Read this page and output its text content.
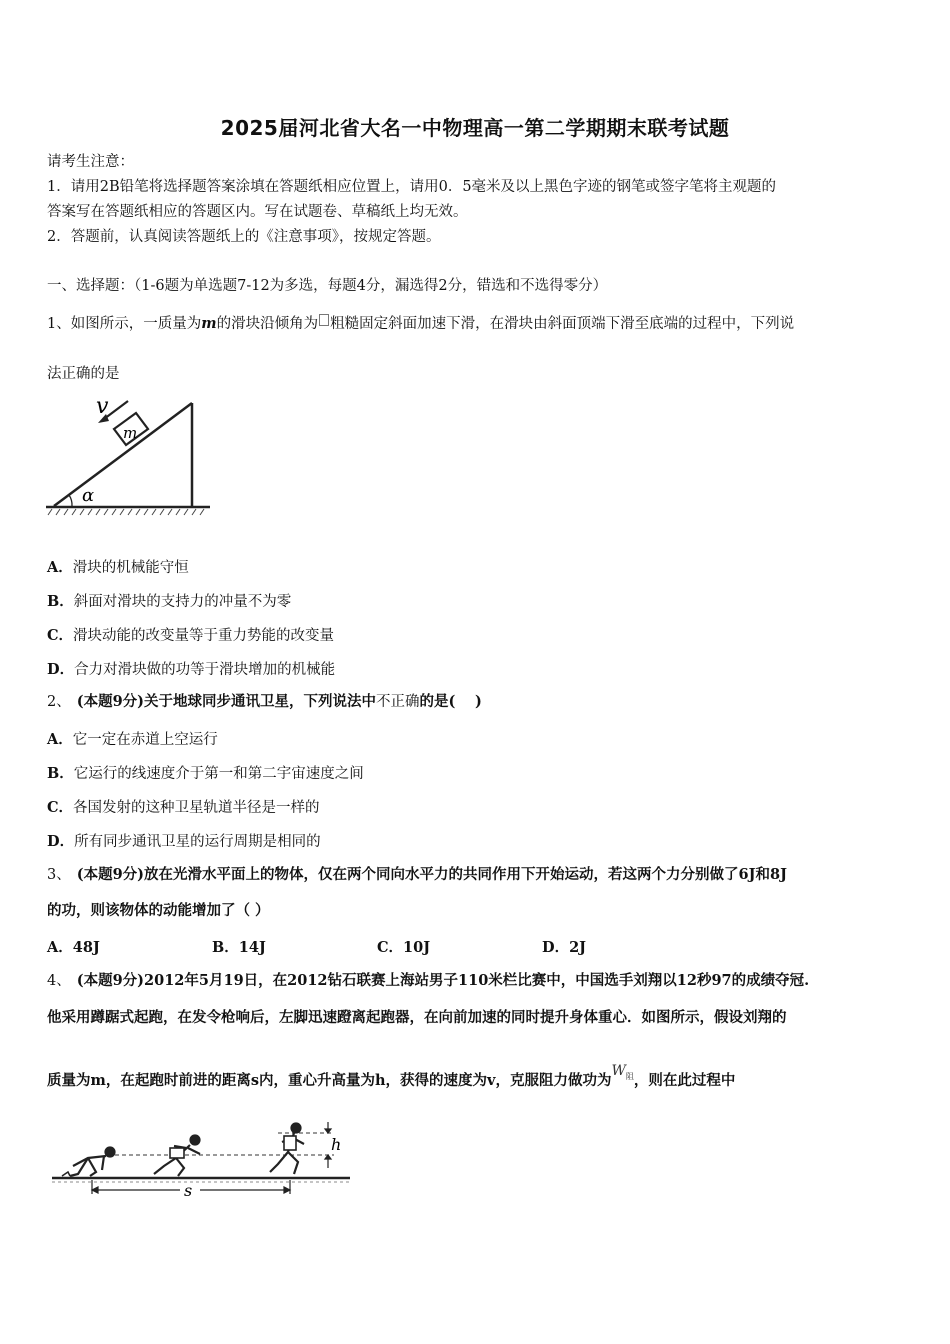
2025届河北省大名一中物理高一第二学期期末联考试题
请考生注意：
1．请用2B铅笔将选择题答案涂填在答题纸相应位置上，请用0．5毫米及以上黑色字迹的钢笔或签字笔将主观题的
答案写在答题纸相应的答题区内。写在试题卷、草稿纸上均无效。
2．答题前，认真阅读答题纸上的《注意事项》，按规定答题。
一、选择题：（1-6题为单选题7-12为多选，每题4分，漏选得2分，错选和不选得零分）
1、如图所示，一质量为m的滑块沿倾角为 粗糙固定斜面加速下滑，在滑块由斜面顶端下滑至底端的过程中，下列说
法正确的是
m
v
α
A．滑块的机械能守恒
B．斜面对滑块的支持力的冲量不为零
C．滑块动能的改变量等于重力势能的改变量
D．合力对滑块做的功等于滑块增加的机械能
2、 (本题9分)关于地球同步通讯卫星，下列说法中不正确的是(　 )
A．它一定在赤道上空运行
B．它运行的线速度介于第一和第二宇宙速度之间
C．各国发射的这种卫星轨道半径是一样的
D．所有同步通讯卫星的运行周期是相同的
3、 (本题9分)放在光滑水平面上的物体，仅在两个同向水平力的共同作用下开始运动，若这两个力分别做了6J和8J
的功，则该物体的动能增加了（ ）
A．48J	B．14J	C．10J	D．2J
4、 (本题9分)2012年5月19日，在2012钻石联赛上海站男子110米栏比赛中，中国选手刘翔以12秒97的成绩夺冠.
他采用蹲踞式起跑，在发令枪响后，左脚迅速蹬离起跑器，在向前加速的同时提升身体重心．如图所示，假设刘翔的
质量为m，在起跑时前进的距离s内，重心升高量为h，获得的速度为v，克服阻力做功为$W_阻$，则在此过程中
h
s
